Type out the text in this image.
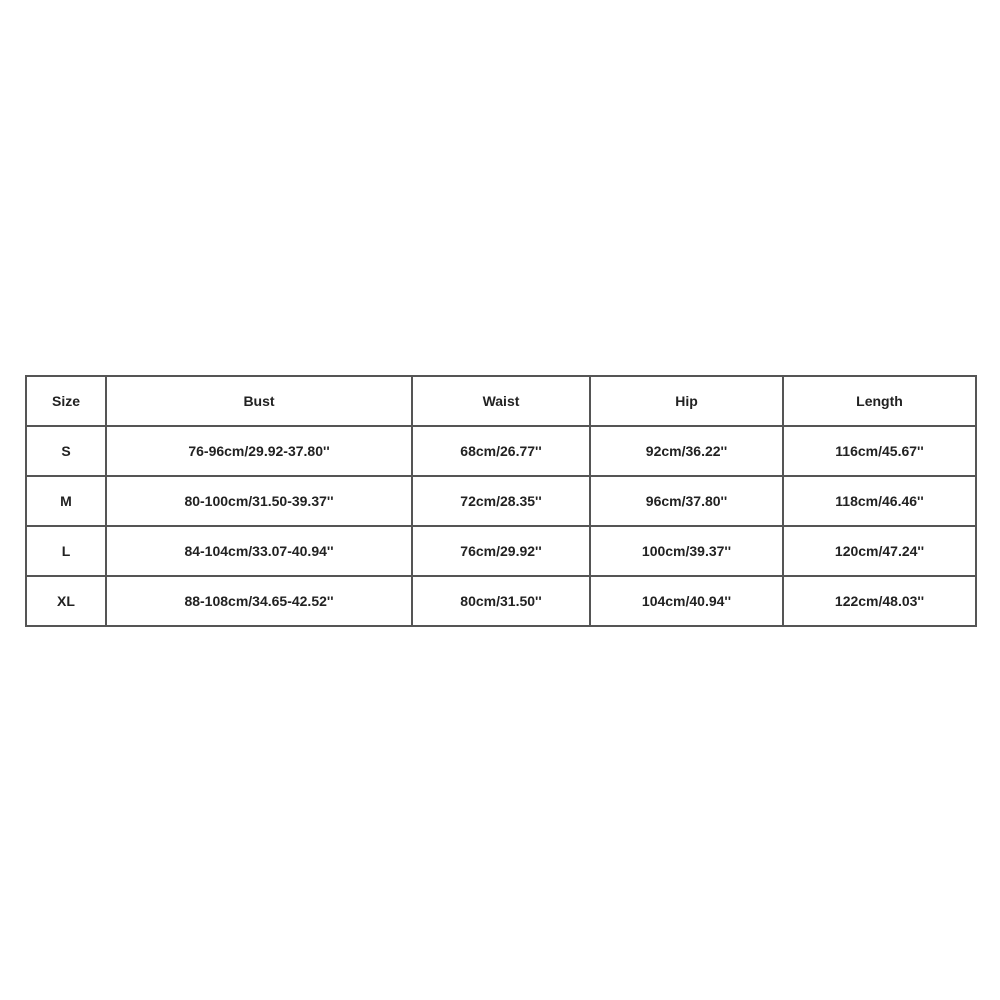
Size	Bust	Waist	Hip	Length
S	76-96cm/29.92-37.80''	68cm/26.77''	92cm/36.22''	116cm/45.67''
M	80-100cm/31.50-39.37''	72cm/28.35''	96cm/37.80''	118cm/46.46''
L	84-104cm/33.07-40.94''	76cm/29.92''	100cm/39.37''	120cm/47.24''
XL	88-108cm/34.65-42.52''	80cm/31.50''	104cm/40.94''	122cm/48.03''
